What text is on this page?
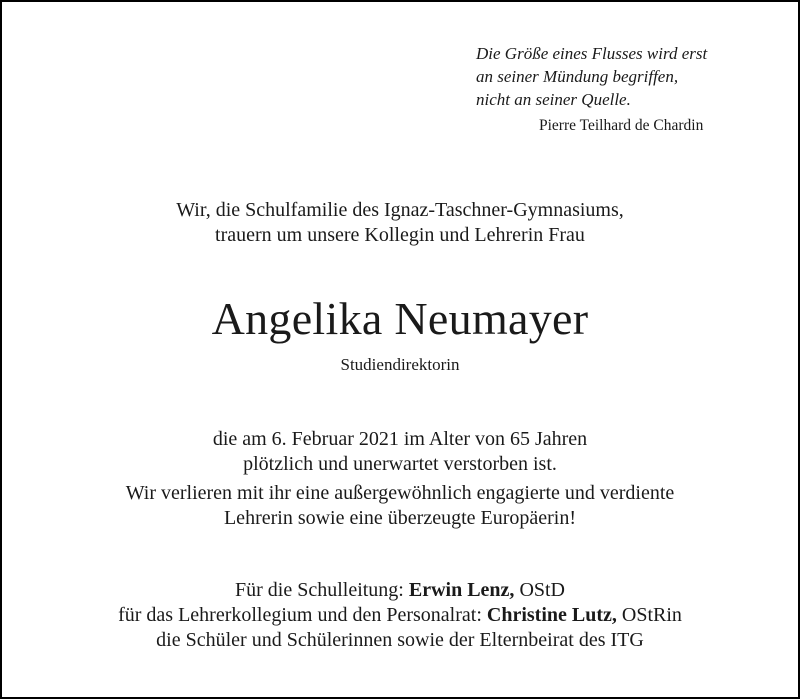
Die Größe eines Flusses wird erst
an seiner Mündung begriffen,
nicht an seiner Quelle.
Pierre Teilhard de Chardin
Wir, die Schulfamilie des Ignaz-Taschner-Gymnasiums,
trauern um unsere Kollegin und Lehrerin Frau
Angelika Neumayer
Studiendirektorin
die am 6. Februar 2021 im Alter von 65 Jahren
plötzlich und unerwartet verstorben ist.
Wir verlieren mit ihr eine außergewöhnlich engagierte und verdiente
Lehrerin sowie eine überzeugte Europäerin!
Für die Schulleitung: Erwin Lenz, OStD
für das Lehrerkollegium und den Personalrat: Christine Lutz, OStRin
die Schüler und Schülerinnen sowie der Elternbeirat des ITG
